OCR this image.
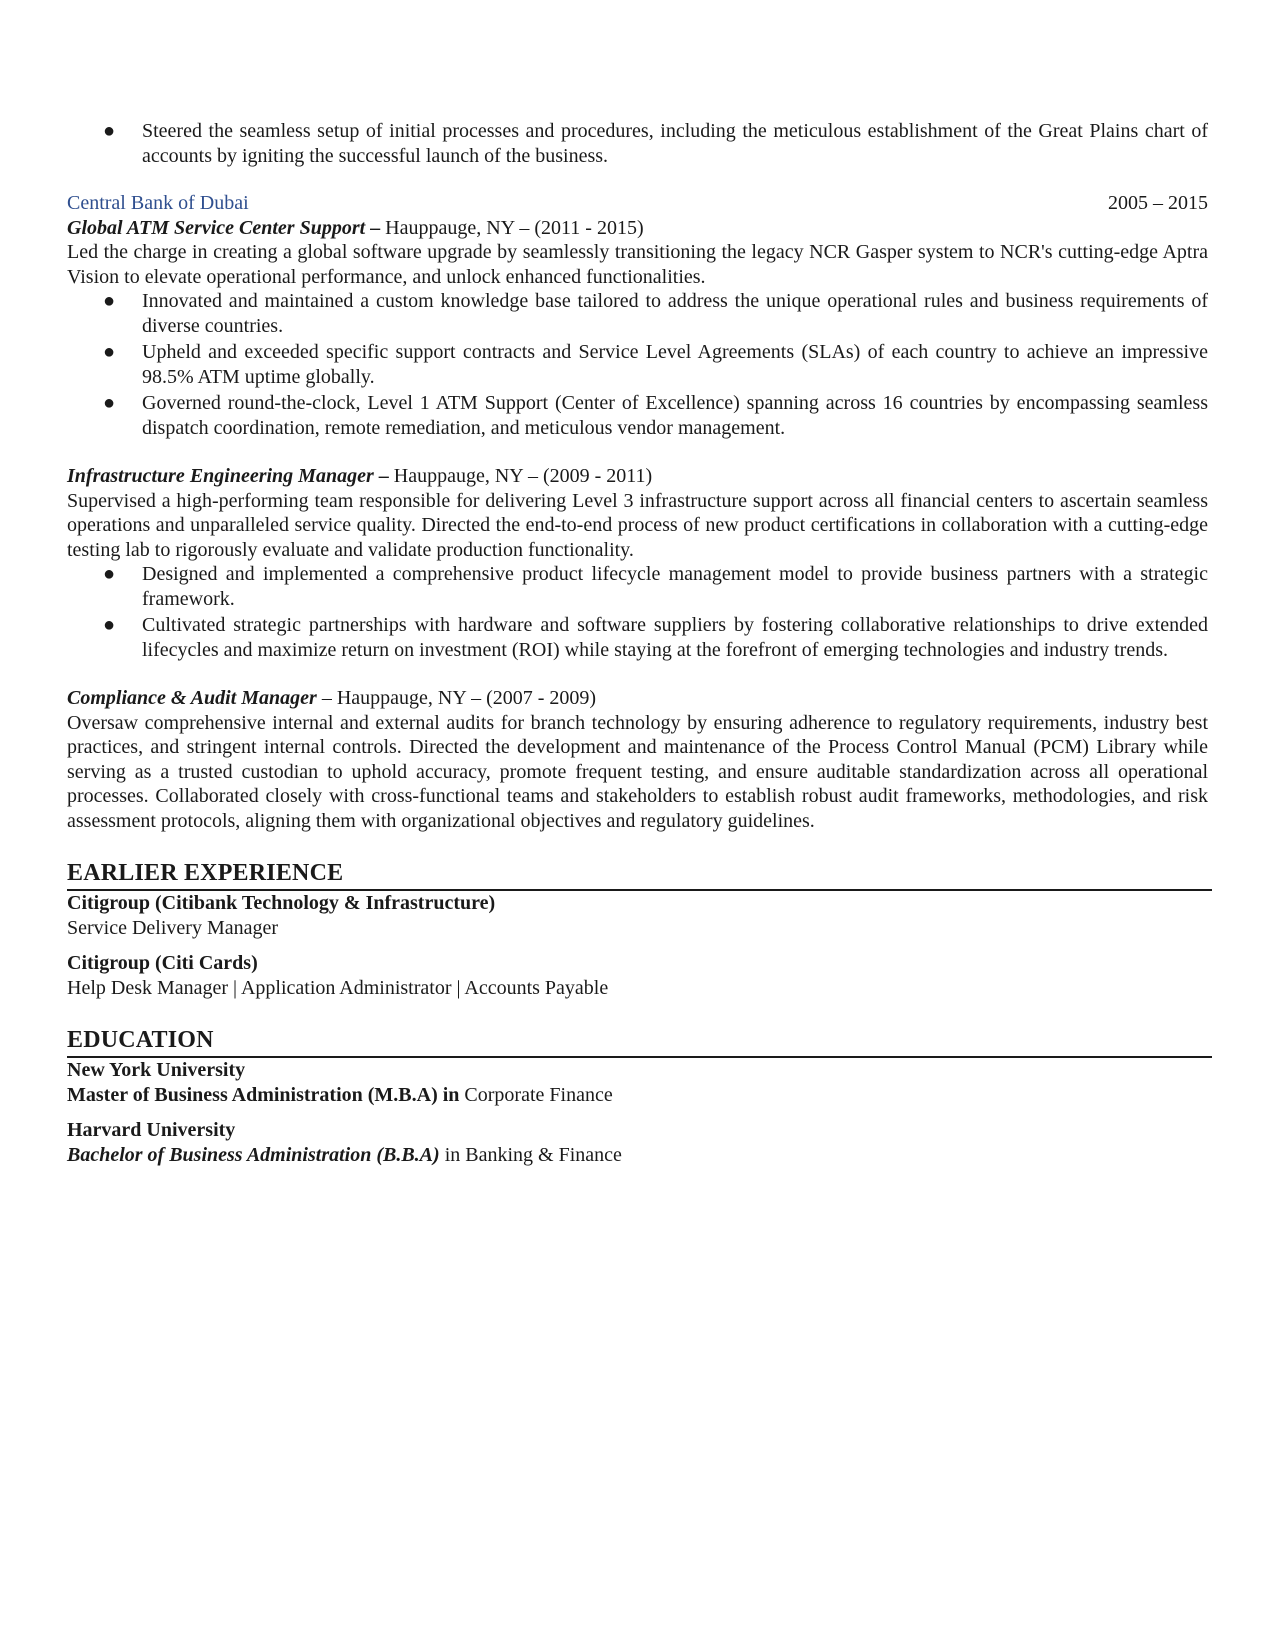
● Steered the seamless setup of initial processes and procedures, including the meticulous establishment of the Great Plains chart of accounts by igniting the successful launch of the business.
Central Bank of Dubai	2005 – 2015
Global ATM Service Center Support – Hauppauge, NY – (2011 - 2015)
Led the charge in creating a global software upgrade by seamlessly transitioning the legacy NCR Gasper system to NCR's cutting-edge Aptra Vision to elevate operational performance, and unlock enhanced functionalities.
● Innovated and maintained a custom knowledge base tailored to address the unique operational rules and business requirements of diverse countries.
● Upheld and exceeded specific support contracts and Service Level Agreements (SLAs) of each country to achieve an impressive 98.5% ATM uptime globally.
● Governed round-the-clock, Level 1 ATM Support (Center of Excellence) spanning across 16 countries by encompassing seamless dispatch coordination, remote remediation, and meticulous vendor management.
Infrastructure Engineering Manager – Hauppauge, NY – (2009 - 2011)
Supervised a high-performing team responsible for delivering Level 3 infrastructure support across all financial centers to ascertain seamless operations and unparalleled service quality. Directed the end-to-end process of new product certifications in collaboration with a cutting-edge testing lab to rigorously evaluate and validate production functionality.
● Designed and implemented a comprehensive product lifecycle management model to provide business partners with a strategic framework.
● Cultivated strategic partnerships with hardware and software suppliers by fostering collaborative relationships to drive extended lifecycles and maximize return on investment (ROI) while staying at the forefront of emerging technologies and industry trends.
Compliance & Audit Manager – Hauppauge, NY – (2007 - 2009)
Oversaw comprehensive internal and external audits for branch technology by ensuring adherence to regulatory requirements, industry best practices, and stringent internal controls. Directed the development and maintenance of the Process Control Manual (PCM) Library while serving as a trusted custodian to uphold accuracy, promote frequent testing, and ensure auditable standardization across all operational processes. Collaborated closely with cross-functional teams and stakeholders to establish robust audit frameworks, methodologies, and risk assessment protocols, aligning them with organizational objectives and regulatory guidelines.
EARLIER EXPERIENCE
Citigroup (Citibank Technology & Infrastructure)
Service Delivery Manager
Citigroup (Citi Cards)
Help Desk Manager | Application Administrator | Accounts Payable
EDUCATION
New York University
Master of Business Administration (M.B.A) in Corporate Finance
Harvard University
Bachelor of Business Administration (B.B.A) in Banking & Finance
